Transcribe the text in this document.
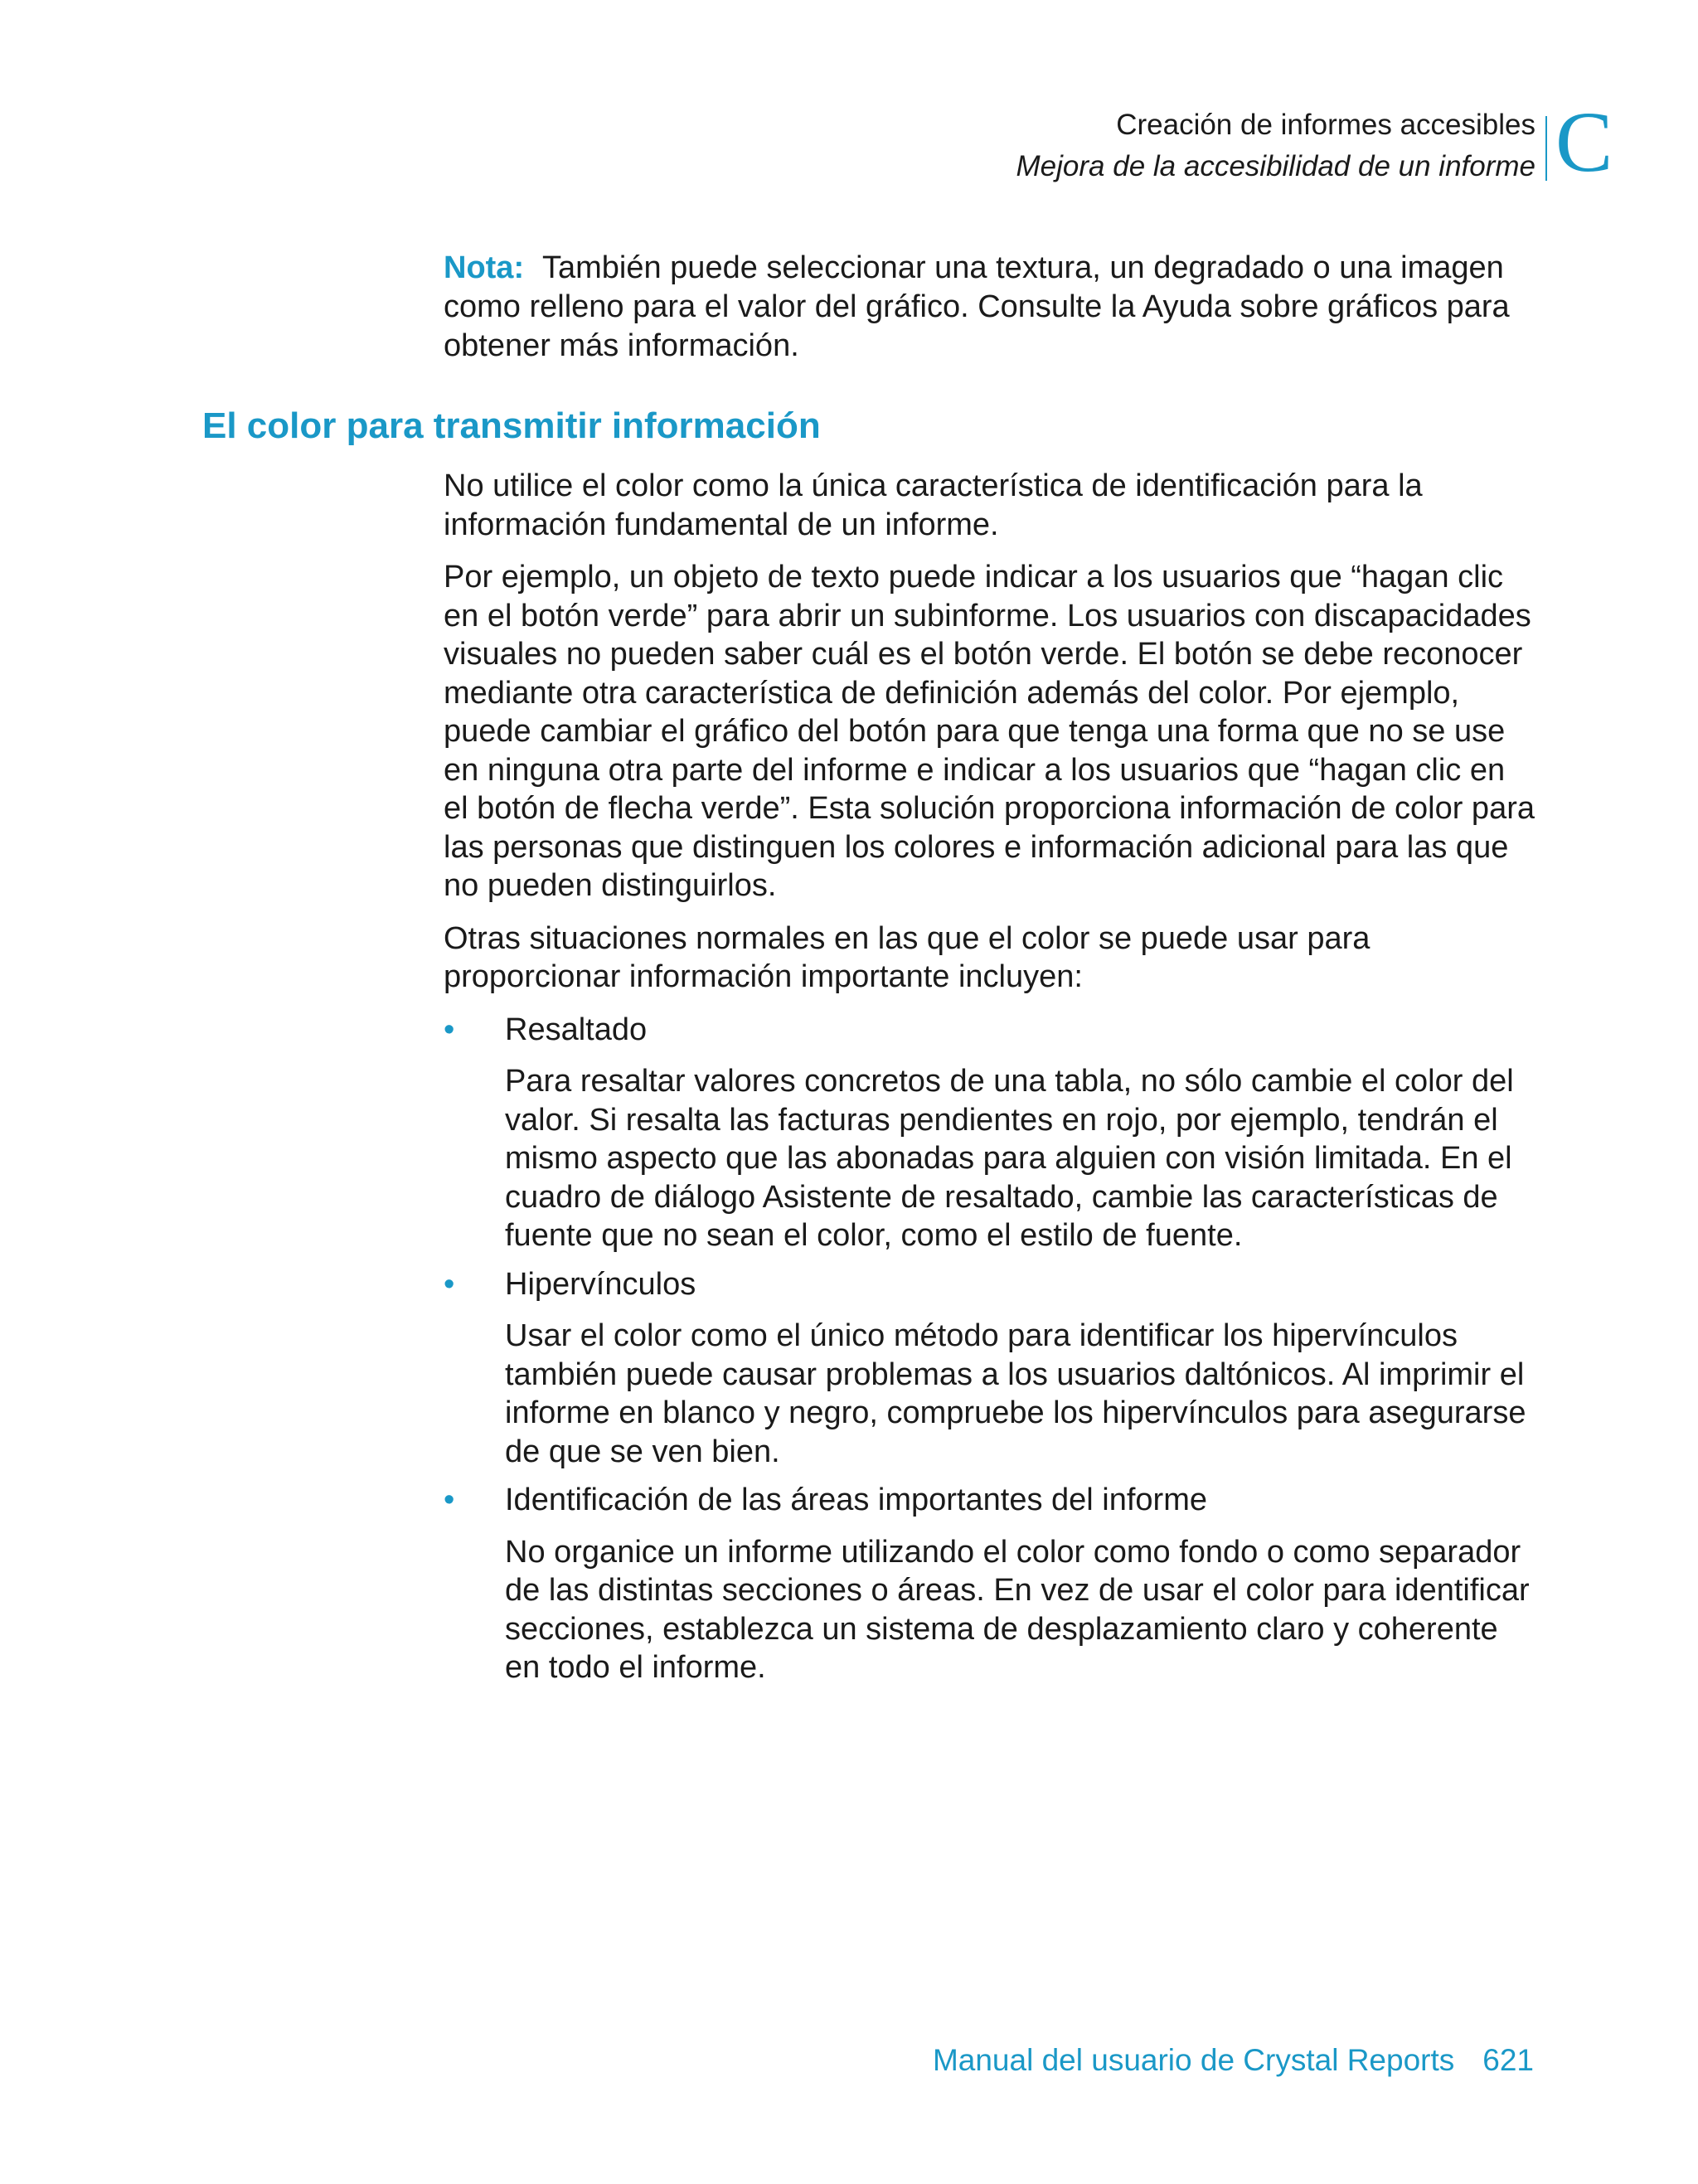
Creación de informes accesibles
Mejora de la accesibilidad de un informe C

Nota: También puede seleccionar una textura, un degradado o una imagen como relleno para el valor del gráfico. Consulte la Ayuda sobre gráficos para obtener más información.

El color para transmitir información

No utilice el color como la única característica de identificación para la información fundamental de un informe.

Por ejemplo, un objeto de texto puede indicar a los usuarios que “hagan clic en el botón verde” para abrir un subinforme. Los usuarios con discapacidades visuales no pueden saber cuál es el botón verde. El botón se debe reconocer mediante otra característica de definición además del color. Por ejemplo, puede cambiar el gráfico del botón para que tenga una forma que no se use en ninguna otra parte del informe e indicar a los usuarios que “hagan clic en el botón de flecha verde”. Esta solución proporciona información de color para las personas que distinguen los colores e información adicional para las que no pueden distinguirlos.

Otras situaciones normales en las que el color se puede usar para proporcionar información importante incluyen:

• Resaltado

Para resaltar valores concretos de una tabla, no sólo cambie el color del valor. Si resalta las facturas pendientes en rojo, por ejemplo, tendrán el mismo aspecto que las abonadas para alguien con visión limitada. En el cuadro de diálogo Asistente de resaltado, cambie las características de fuente que no sean el color, como el estilo de fuente.

• Hipervínculos

Usar el color como el único método para identificar los hipervínculos también puede causar problemas a los usuarios daltónicos. Al imprimir el informe en blanco y negro, compruebe los hipervínculos para asegurarse de que se ven bien.

• Identificación de las áreas importantes del informe

No organice un informe utilizando el color como fondo o como separador de las distintas secciones o áreas. En vez de usar el color para identificar secciones, establezca un sistema de desplazamiento claro y coherente en todo el informe.

Manual del usuario de Crystal Reports 621
